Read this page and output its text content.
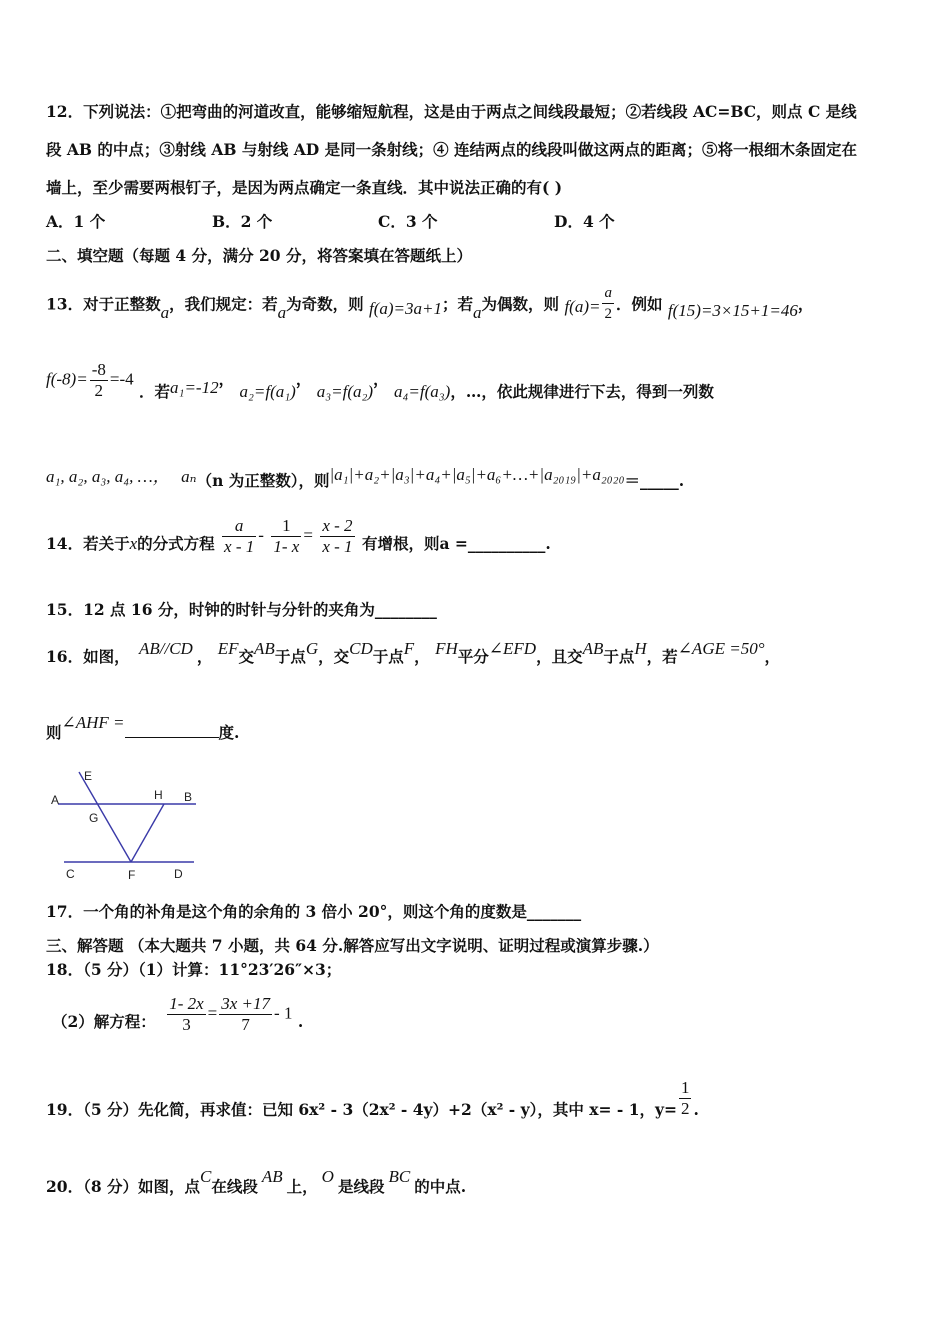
12．下列说法：①把弯曲的河道改直，能够缩短航程，这是由于两点之间线段最短；②若线段 AC=BC，则点 C 是线
段 AB 的中点；③射线 AB 与射线 AD 是同一条射线；④ 连结两点的线段叫做这两点的距离；⑤将一根细木条固定在
墙上，至少需要两根钉子，是因为两点确定一条直线．其中说法正确的有( )
A．1 个	B．2 个	C．3 个	D．4 个
二、填空题（每题 4 分，满分 20 分，将答案填在答题纸上）
13．对于正整数a，我们规定：若a为奇数，则 f(a)=3a+1；若a为偶数，则 $f(a)= \frac{a}{2}$ ．例如 f(15)=3×15+1=46，
$f(-8)= \frac{-8}{2} =-4$ ．若a₁=-12， a₂=f(a₁)， a₃=f(a₂)， a₄=f(a₃)，…，依此规律进行下去，得到一列数
a₁, a₂, a₃, a₄, …， aₙ（n 为正整数），则|a₁|+a₂+|a₃|+a₄+|a₅|+a₆+…+|a₂₀₁₉|+a₂₀₂₀＝_____.
14．若关于x的分式方程 $\frac{a}{x - 1} - \frac{1}{1- x} = \frac{x - 2}{x - 1}$ 有增根，则a =__________.
15．12 点 16 分，时钟的时针与分针的夹角为________
16．如图， AB//CD ， EF交AB于点G，交CD于点F， FH平分∠EFD，且交AB于点H，若∠AGE =50°，
则∠AHF =度.
E
A
G
H B
C	F	D
17．一个角的补角是这个角的余角的 3 倍小 20°，则这个角的度数是_______
三、解答题 （本大题共 7 小题，共 64 分.解答应写出文字说明、证明过程或演算步骤.）
18．（5 分）（1）计算：11°23′26″×3；
（2）解方程： $\frac{1- 2x}{3} = \frac{3x +17}{7} - 1$ .
19．（5 分）先化简，再求值：已知 6x² - 3（2x² - 4y）+2（x² - y），其中 x= - 1，$y= \frac{1}{2}$ .
20．（8 分）如图，点C在线段AB上，O是线段BC的中点.
